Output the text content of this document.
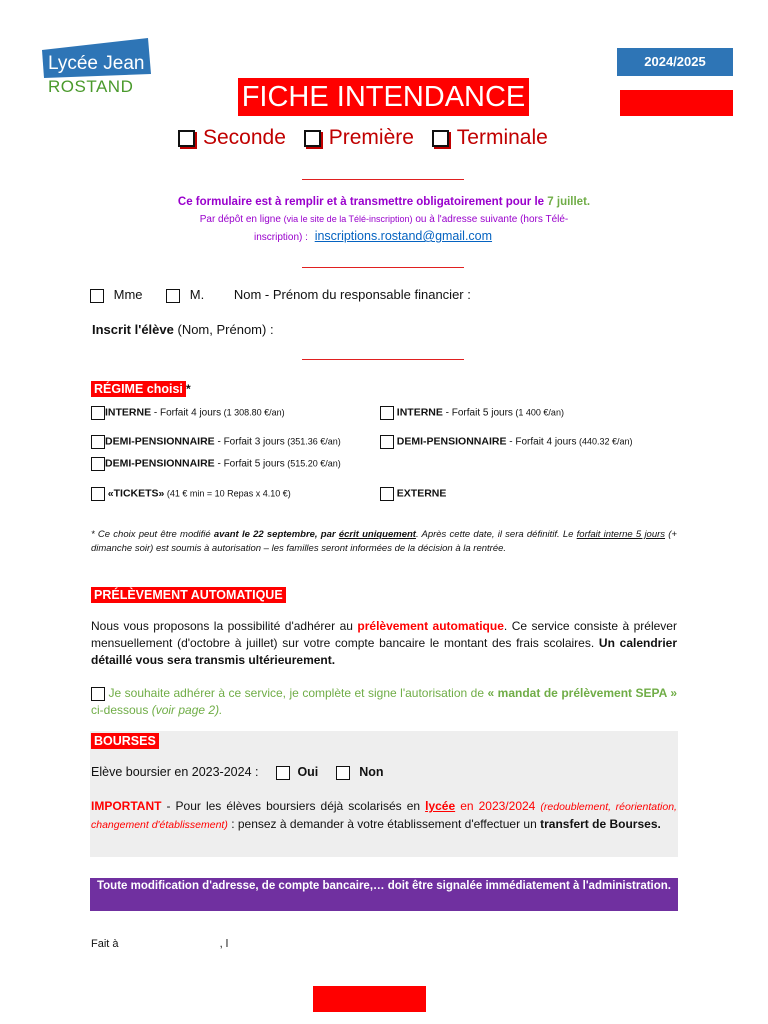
Lycée Jean
ROSTAND
2024/2025
FICHE INTENDANCE
Seconde Première Terminale
Ce formulaire est à remplir et à transmettre obligatoirement pour le 7 juillet.
Par dépôt en ligne (via le site de la Télé-inscription) ou à l'adresse suivante (hors Télé-
inscription) : inscriptions.rostand@gmail.com
Mme	M. Nom - Prénom du responsable financier :
Inscrit l'élève (Nom, Prénom) :
RÉGIME choisi *
INTERNE - Forfait 4 jours (1 308.80 €/an)	INTERNE - Forfait 5 jours (1 400 €/an)
DEMI-PENSIONNAIRE - Forfait 3 jours (351.36 €/an)	DEMI-PENSIONNAIRE - Forfait 4 jours (440.32 €/an)
DEMI-PENSIONNAIRE - Forfait 5 jours (515.20 €/an)
«TICKETS» (41 € min = 10 Repas x 4.10 €)	EXTERNE
* Ce choix peut être modifié avant le 22 septembre, par écrit uniquement. Après cette date, il sera définitif. Le forfait interne 5 jours (+ dimanche soir) est soumis à autorisation – les familles seront informées de la décision à la rentrée.
PRÉLÈVEMENT AUTOMATIQUE
Nous vous proposons la possibilité d'adhérer au prélèvement automatique. Ce service consiste à prélever mensuellement (d'octobre à juillet) sur votre compte bancaire le montant des frais scolaires. Un calendrier détaillé vous sera transmis ultérieurement.
Je souhaite adhérer à ce service, je complète et signe l'autorisation de « mandat de prélèvement SEPA » ci-dessous (voir page 2).
BOURSES
Elève boursier en 2023-2024 :	Oui	Non
IMPORTANT - Pour les élèves boursiers déjà scolarisés en lycée en 2023/2024 (redoublement, réorientation, changement d'établissement) : pensez à demander à votre établissement d'effectuer un transfert de Bourses.
Toute modification d'adresse, de compte bancaire,… doit être signalée immédiatement à l'administration.
Fait à	, l
